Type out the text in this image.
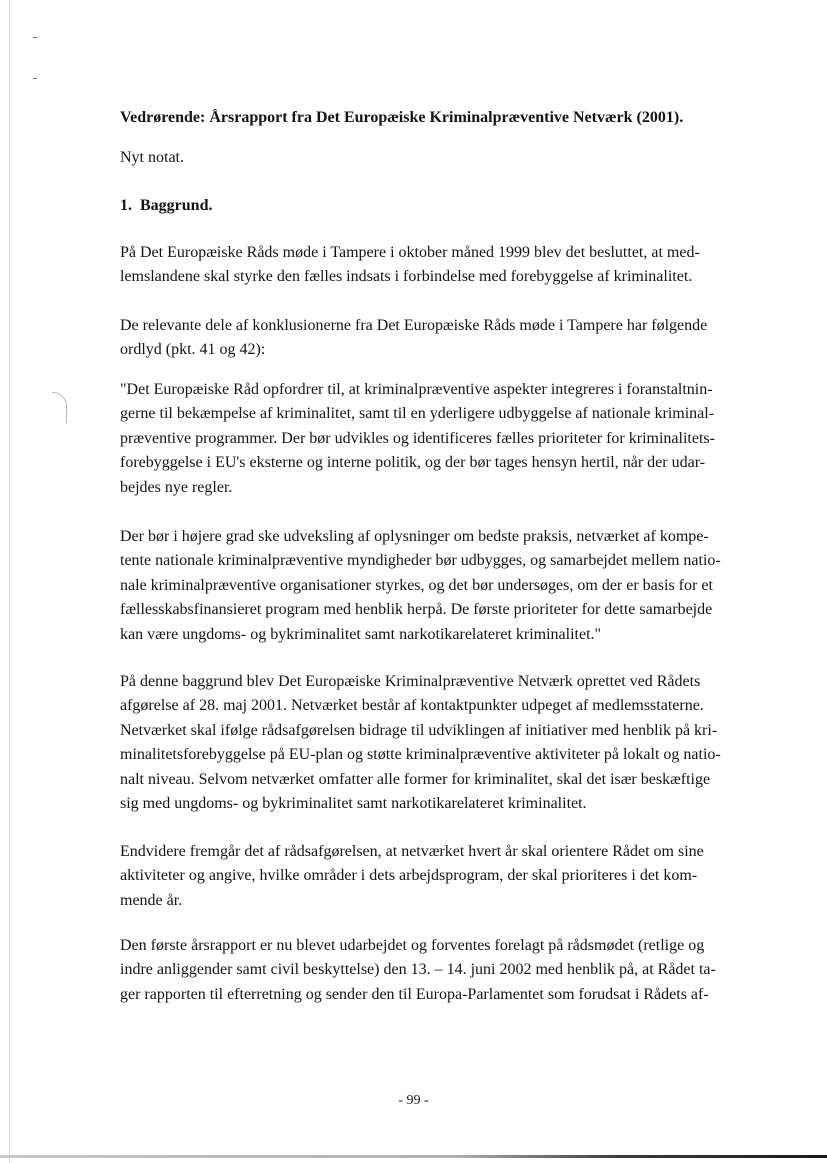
Vedrørende: Årsrapport fra Det Europæiske Kriminalpræventive Netværk (2001).
Nyt notat.
1.  Baggrund.
På Det Europæiske Råds møde i Tampere i oktober måned 1999 blev det besluttet, at med-
lemslandene skal styrke den fælles indsats i forbindelse med forebyggelse af kriminalitet.
De relevante dele af konklusionerne fra Det Europæiske Råds møde i Tampere har følgende
ordlyd (pkt. 41 og 42):
"Det Europæiske Råd opfordrer til, at kriminalpræventive aspekter integreres i foranstaltnin-
gerne til bekæmpelse af kriminalitet, samt til en yderligere udbyggelse af nationale kriminal-
præventive programmer. Der bør udvikles og identificeres fælles prioriteter for kriminalitets-
forebyggelse i EU's eksterne og interne politik, og der bør tages hensyn hertil, når der udar-
bejdes nye regler.
Der bør i højere grad ske udveksling af oplysninger om bedste praksis, netværket af kompe-
tente nationale kriminalpræventive myndigheder bør udbygges, og samarbejdet mellem natio-
nale kriminalpræventive organisationer styrkes, og det bør undersøges, om der er basis for et
fællesskabsfinansieret program med henblik herpå. De første prioriteter for dette samarbejde
kan være ungdoms- og bykriminalitet samt narkotikarelateret kriminalitet."
På denne baggrund blev Det Europæiske Kriminalpræventive Netværk oprettet ved Rådets
afgørelse af 28. maj 2001. Netværket består af kontaktpunkter udpeget af medlemsstaterne.
Netværket skal ifølge rådsafgørelsen bidrage til udviklingen af initiativer med henblik på kri-
minalitetsforebyggelse på EU-plan og støtte kriminalpræventive aktiviteter på lokalt og natio-
nalt niveau. Selvom netværket omfatter alle former for kriminalitet, skal det især beskæftige
sig med ungdoms- og bykriminalitet samt narkotikarelateret kriminalitet.
Endvidere fremgår det af rådsafgørelsen, at netværket hvert år skal orientere Rådet om sine
aktiviteter og angive, hvilke områder i dets arbejdsprogram, der skal prioriteres i det kom-
mende år.
Den første årsrapport er nu blevet udarbejdet og forventes forelagt på rådsmødet (retlige og
indre anliggender samt civil beskyttelse) den 13. – 14. juni 2002 med henblik på, at Rådet ta-
ger rapporten til efterretning og sender den til Europa-Parlamentet som forudsat i Rådets af-
- 99 -
